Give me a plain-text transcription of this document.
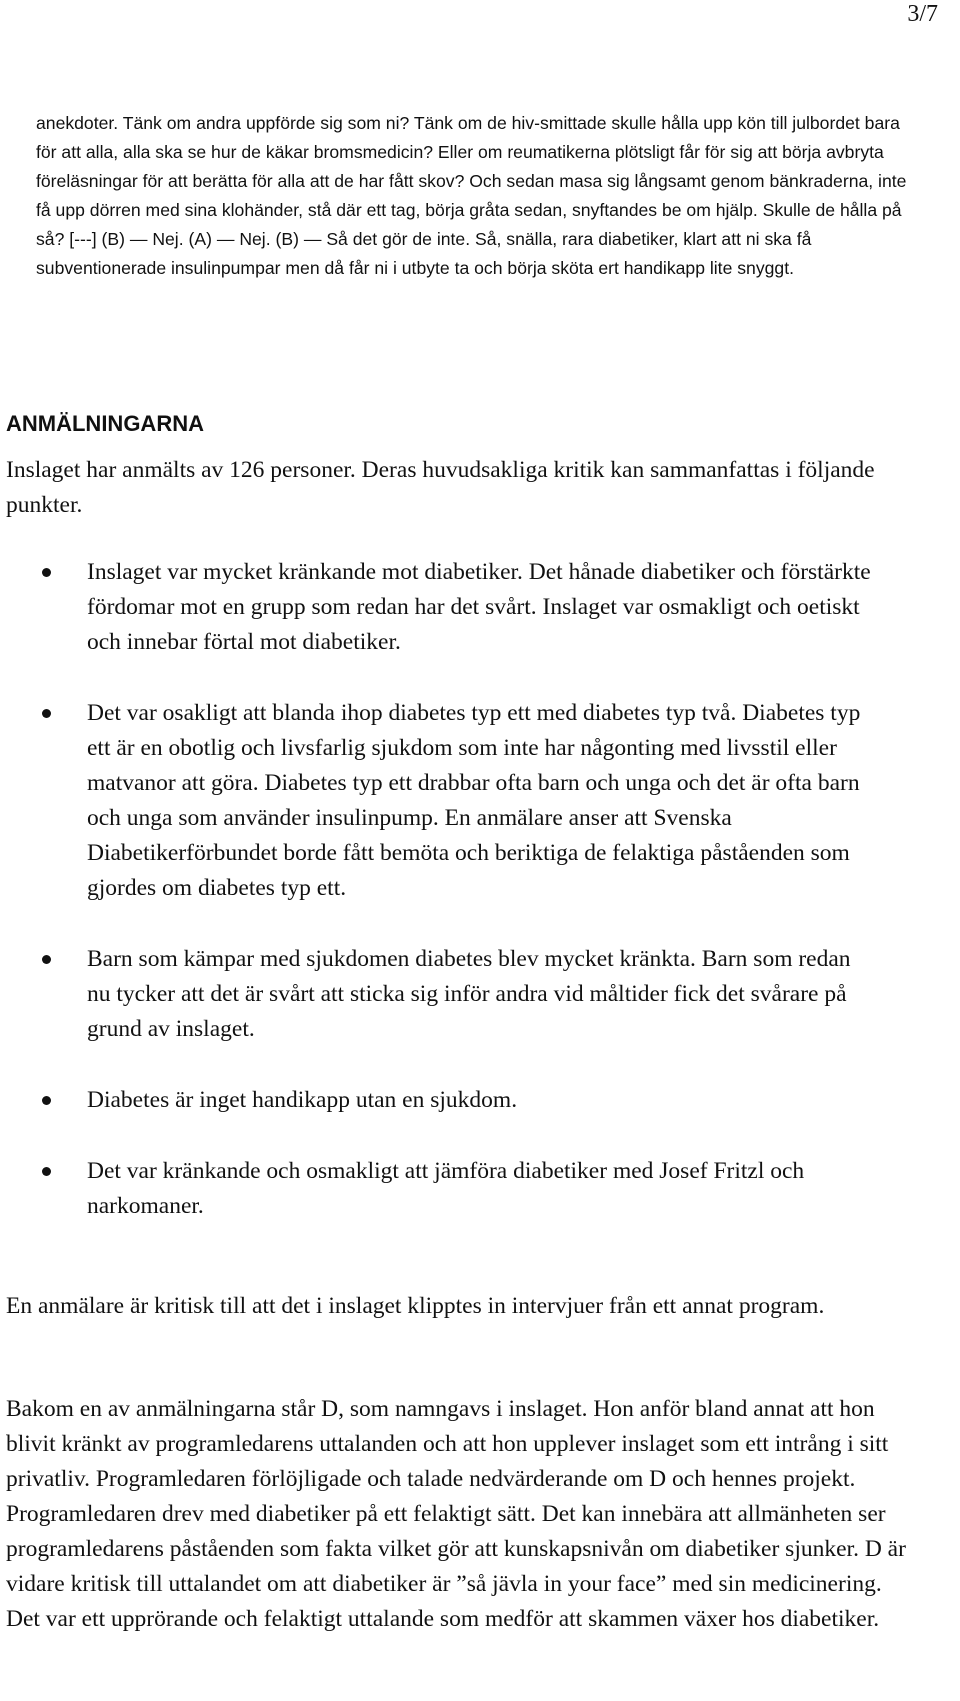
3/7
anekdoter. Tänk om andra uppförde sig som ni? Tänk om de hiv-smittade skulle hålla upp kön till julbordet bara för att alla, alla ska se hur de käkar bromsmedicin? Eller om reumatikerna plötsligt får för sig att börja avbryta föreläsningar för att berätta för alla att de har fått skov? Och sedan masa sig långsamt genom bänkraderna, inte få upp dörren med sina klohänder, stå där ett tag, börja gråta sedan, snyftandes be om hjälp. Skulle de hålla på så? [---] (B) — Nej. (A) — Nej. (B) — Så det gör de inte. Så, snälla, rara diabetiker, klart att ni ska få subventionerade insulinpumpar men då får ni i utbyte ta och börja sköta ert handikapp lite snyggt.
ANMÄLNINGARNA
Inslaget har anmälts av 126 personer. Deras huvudsakliga kritik kan sammanfattas i följande punkter.
Inslaget var mycket kränkande mot diabetiker. Det hånade diabetiker och förstärkte fördomar mot en grupp som redan har det svårt. Inslaget var osmakligt och oetiskt och innebar förtal mot diabetiker.
Det var osakligt att blanda ihop diabetes typ ett med diabetes typ två. Diabetes typ ett är en obotlig och livsfarlig sjukdom som inte har någonting med livsstil eller matvanor att göra. Diabetes typ ett drabbar ofta barn och unga och det är ofta barn och unga som använder insulinpump. En anmälare anser att Svenska Diabetikerförbundet borde fått bemöta och beriktiga de felaktiga påståenden som gjordes om diabetes typ ett.
Barn som kämpar med sjukdomen diabetes blev mycket kränkta. Barn som redan nu tycker att det är svårt att sticka sig inför andra vid måltider fick det svårare på grund av inslaget.
Diabetes är inget handikapp utan en sjukdom.
Det var kränkande och osmakligt att jämföra diabetiker med Josef Fritzl och narkomaner.

En anmälare är kritisk till att det i inslaget klipptes in intervjuer från ett annat program.

Bakom en av anmälningarna står D, som namngavs i inslaget. Hon anför bland annat att hon blivit kränkt av programledarens uttalanden och att hon upplever inslaget som ett intrång i sitt privatliv. Programledaren förlöjligade och talade nedvärderande om D och hennes projekt. Programledaren drev med diabetiker på ett felaktigt sätt. Det kan innebära att allmänheten ser programledarens påståenden som fakta vilket gör att kunskapsnivån om diabetiker sjunker. D är vidare kritisk till uttalandet om att diabetiker är ”så jävla in your face” med sin medicinering. Det var ett upprörande och felaktigt uttalande som medför att skammen växer hos diabetiker.
